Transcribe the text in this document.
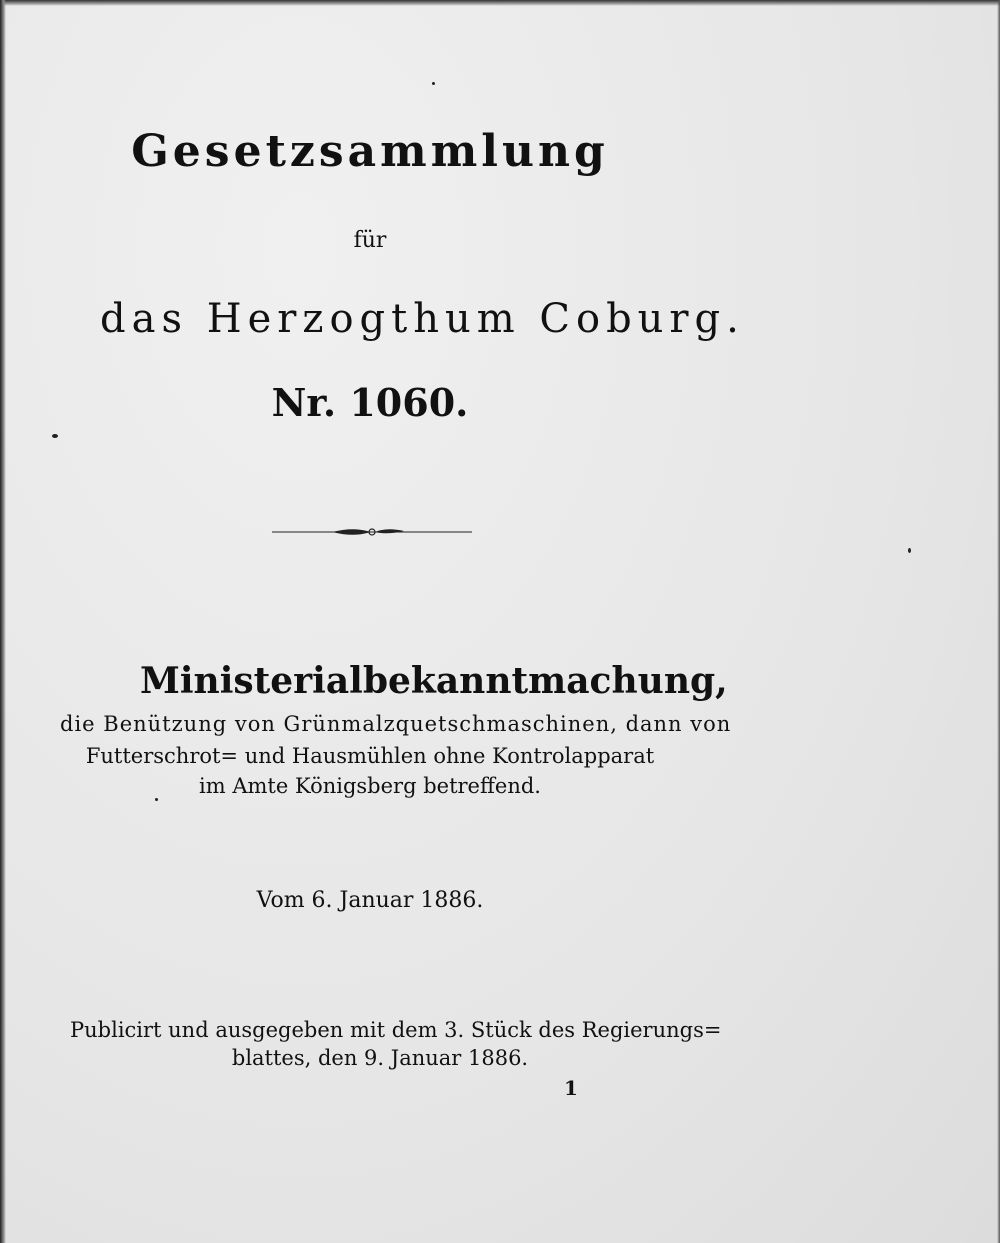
Gesetzsammlung
für
das Herzogthum Coburg.
Nr. 1060.
Ministerialbekanntmachung,
die Benützung von Grünmalzquetschmaschinen, dann von
Futterschrot= und Hausmühlen ohne Kontrolapparat
im Amte Königsberg betreffend.
Vom 6. Januar 1886.
Publicirt und ausgegeben mit dem 3. Stück des Regierungs=
blattes, den 9. Januar 1886.
1
